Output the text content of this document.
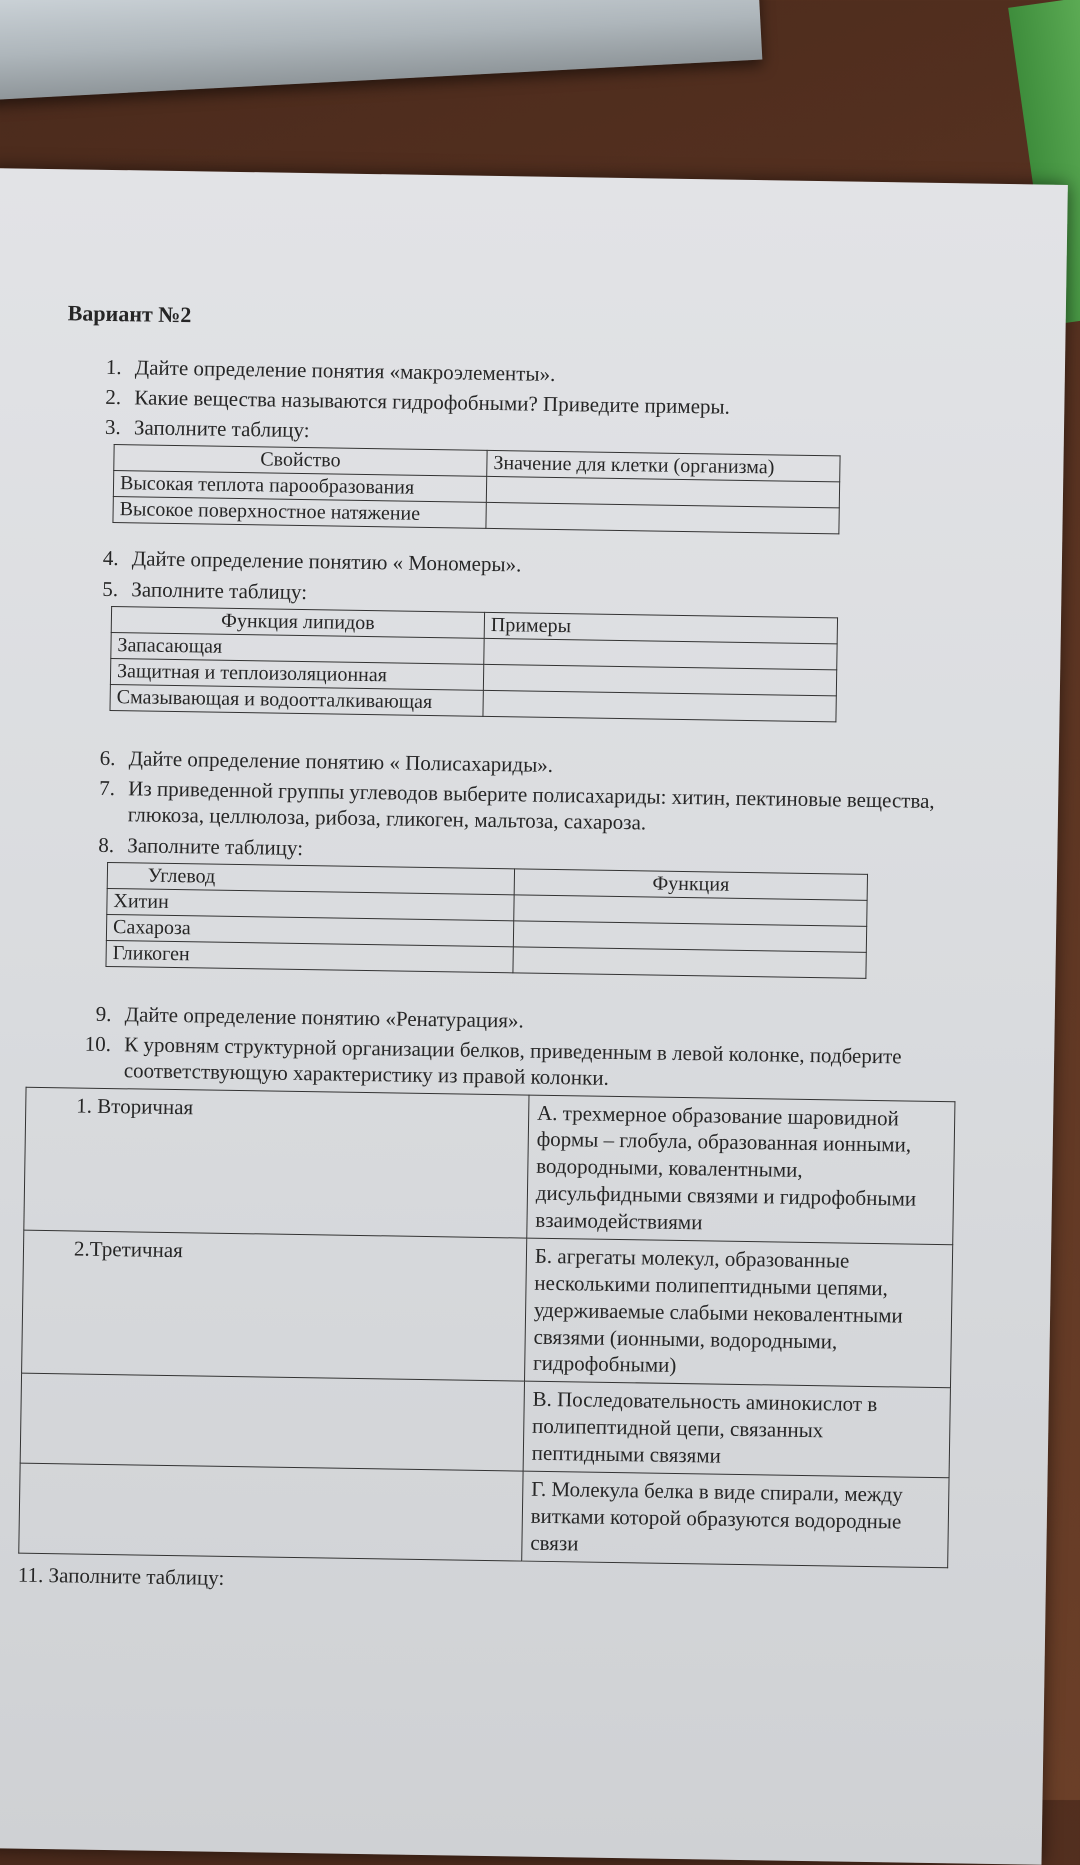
Вариант №2
1. Дайте определение понятия «макроэлементы».
2. Какие вещества называются гидрофобными? Приведите примеры.
3. Заполните таблицу:
Свойство	Значение для клетки (организма)
Высокая теплота парообразования	
Высокое поверхностное натяжение	
4. Дайте определение понятию « Мономеры».
5. Заполните таблицу:
Функция липидов	Примеры
Запасающая	
Защитная и теплоизоляционная	
Смазывающая и водоотталкивающая	
6. Дайте определение понятию « Полисахариды».
7. Из приведенной группы углеводов выберите полисахариды: хитин, пектиновые вещества, глюкоза, целлюлоза, рибоза, гликоген, мальтоза, сахароза.
8. Заполните таблицу:
Углевод	Функция
Хитин	
Сахароза	
Гликоген	
9. Дайте определение понятию «Ренатурация».
10. К уровням структурной организации белков, приведенным в левой колонке, подберите соответствующую характеристику из правой колонки.
1. Вторичная	А. трехмерное образование шаровидной формы – глобула, образованная ионными, водородными, ковалентными, дисульфидными связями и гидрофобными взаимодействиями
2.Третичная	Б. агрегаты молекул, образованные несколькими полипептидными цепями, удерживаемые слабыми нековалентными связями (ионными, водородными, гидрофобными)
	В. Последовательность аминокислот в полипептидной цепи, связанных пептидными связями
	Г. Молекула белка в виде спирали, между витками которой образуются водородные связи
11. Заполните таблицу:
